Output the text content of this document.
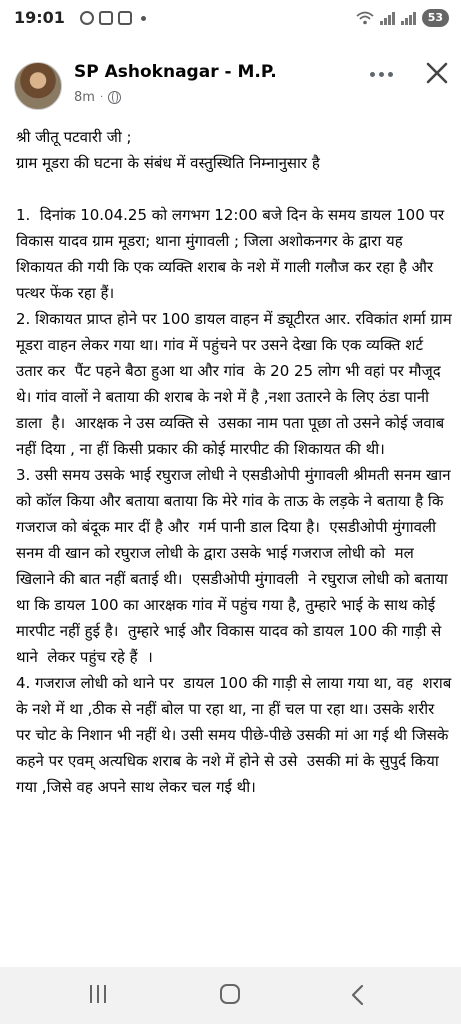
19:01	53
SP Ashoknagar - M.P.
8m ·

श्री जीतू पटवारी जी ;

ग्राम मूडरा की घटना के संबंध में वस्तुस्थिति निम्नानुसार है

1.  दिनांक 10.04.25 को लगभग 12:00 बजे दिन के समय डायल 100 पर विकास यादव ग्राम मूडरा; थाना मुंगावली ; जिला अशोकनगर के द्वारा यह शिकायत की गयी कि एक व्यक्ति शराब के नशे में गाली गलौज कर रहा है और पत्थर फेंक रहा हैं।

2. शिकायत प्राप्त होने पर 100 डायल वाहन में ड्यूटीरत आर. रविकांत शर्मा ग्राम मूडरा वाहन लेकर गया था। गांव में पहुंचने पर उसने देखा कि एक व्यक्ति शर्ट उतार कर  पैंट पहने बैठा हुआ था और गांव  के 20 25 लोग भी वहां पर मौजूद थे। गांव वालों ने बताया की शराब के नशे में है ,नशा उतारने के लिए ठंडा पानी डाला  है।  आरक्षक ने उस व्यक्ति से  उसका नाम पता पूछा तो उसने कोई जवाब नहीं दिया , ना हीं किसी प्रकार की कोई मारपीट की शिकायत की थी।

3. उसी समय उसके भाई रघुराज लोधी ने एसडीओपी मुंगावली श्रीमती सनम खान को कॉल किया और बताया बताया कि मेरे गांव के ताऊ के लड़के ने बताया है कि गजराज को बंदूक मार दीं है और  गर्म पानी डाल दिया है।  एसडीओपी मुंगावली सनम वी खान को रघुराज लोधी के द्वारा उसके भाई गजराज लोधी को  मल खिलाने की बात नहीं बताई थी।  एसडीओपी मुंगावली  ने रघुराज लोधी को बताया था कि डायल 100 का आरक्षक गांव में पहुंच गया है, तुम्हारे भाई के साथ कोई मारपीट नहीं हुई है।  तुम्हारे भाई और विकास यादव को डायल 100 की गाड़ी से  थाने  लेकर पहुंच रहे हैं  ।

4. गजराज लोधी को थाने पर  डायल 100 की गाड़ी से लाया गया था, वह  शराब के नशे में था ,ठीक से नहीं बोल पा रहा था, ना हीं चल पा रहा था। उसके शरीर पर चोट के निशान भी नहीं थे। उसी समय पीछे-पीछे उसकी मां आ गई थी जिसके कहने पर एवम् अत्यधिक शराब के नशे में होने से उसे  उसकी मां के सुपुर्द किया गया ,जिसे वह अपने साथ लेकर चल गई थी।
